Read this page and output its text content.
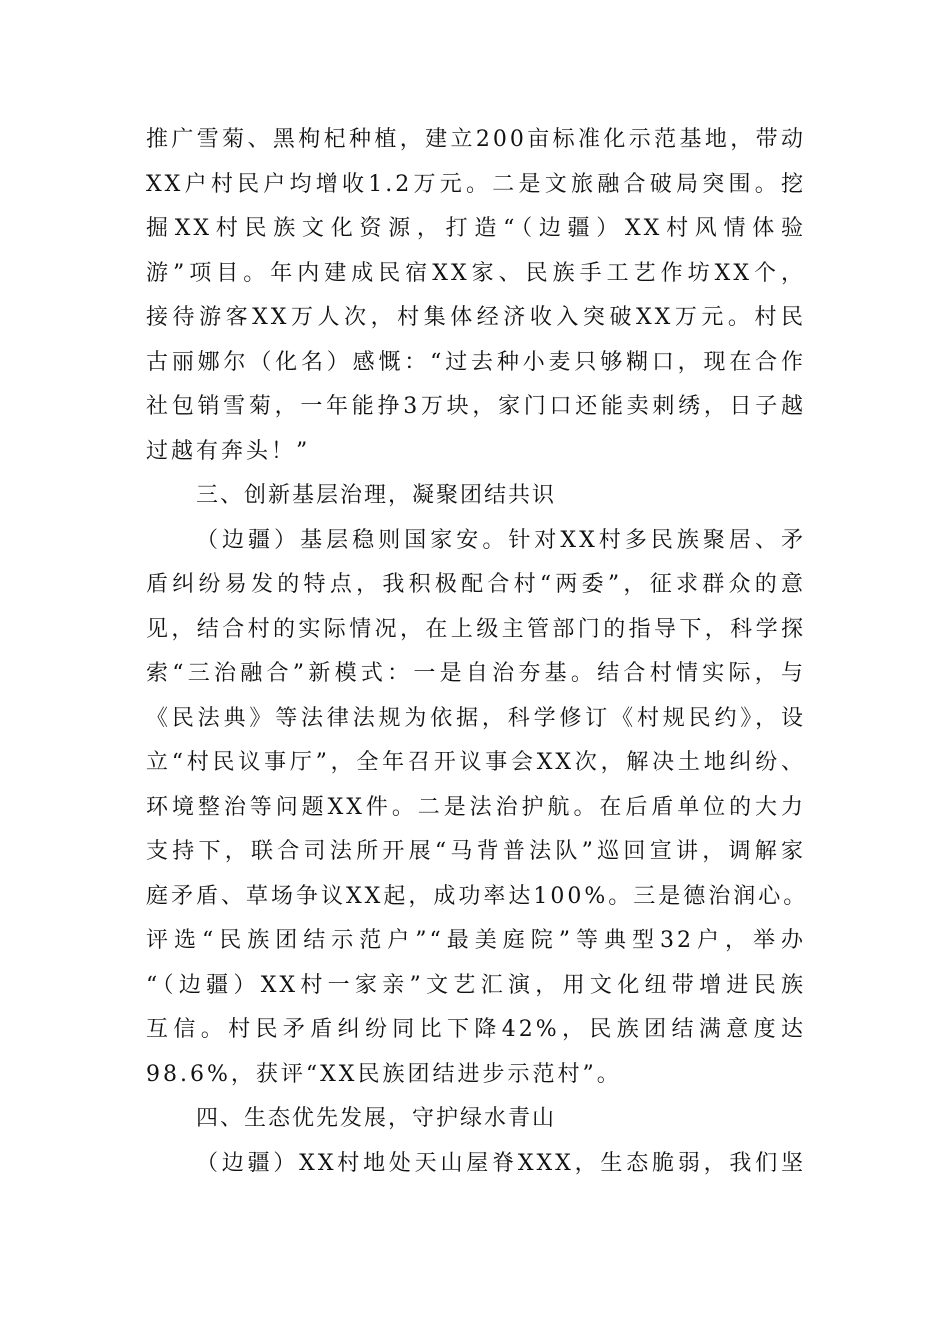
推广雪菊、黑枸杞种植，建立200亩标准化示范基地，带动
XX户村民户均增收1.2万元。二是文旅融合破局突围。挖
掘XX村民族文化资源，打造“（边疆）XX村风情体验
游”项目。年内建成民宿XX家、民族手工艺作坊XX个，
接待游客XX万人次，村集体经济收入突破XX万元。村民
古丽娜尔（化名）感慨：“过去种小麦只够糊口，现在合作
社包销雪菊，一年能挣3万块，家门口还能卖刺绣，日子越
过越有奔头！”
三、创新基层治理，凝聚团结共识
（边疆）基层稳则国家安。针对XX村多民族聚居、矛
盾纠纷易发的特点，我积极配合村“两委”，征求群众的意
见，结合村的实际情况，在上级主管部门的指导下，科学探
索“三治融合”新模式：一是自治夯基。结合村情实际，与
《民法典》等法律法规为依据，科学修订《村规民约》，设
立“村民议事厅”，全年召开议事会XX次，解决土地纠纷、
环境整治等问题XX件。二是法治护航。在后盾单位的大力
支持下，联合司法所开展“马背普法队”巡回宣讲，调解家
庭矛盾、草场争议XX起，成功率达100%。三是德治润心。
评选“民族团结示范户”“最美庭院”等典型32户，举办
“（边疆）XX村一家亲”文艺汇演，用文化纽带增进民族
互信。村民矛盾纠纷同比下降42%，民族团结满意度达
98.6%，获评“XX民族团结进步示范村”。
四、生态优先发展，守护绿水青山
（边疆）XX村地处天山屋脊XXX，生态脆弱，我们坚
